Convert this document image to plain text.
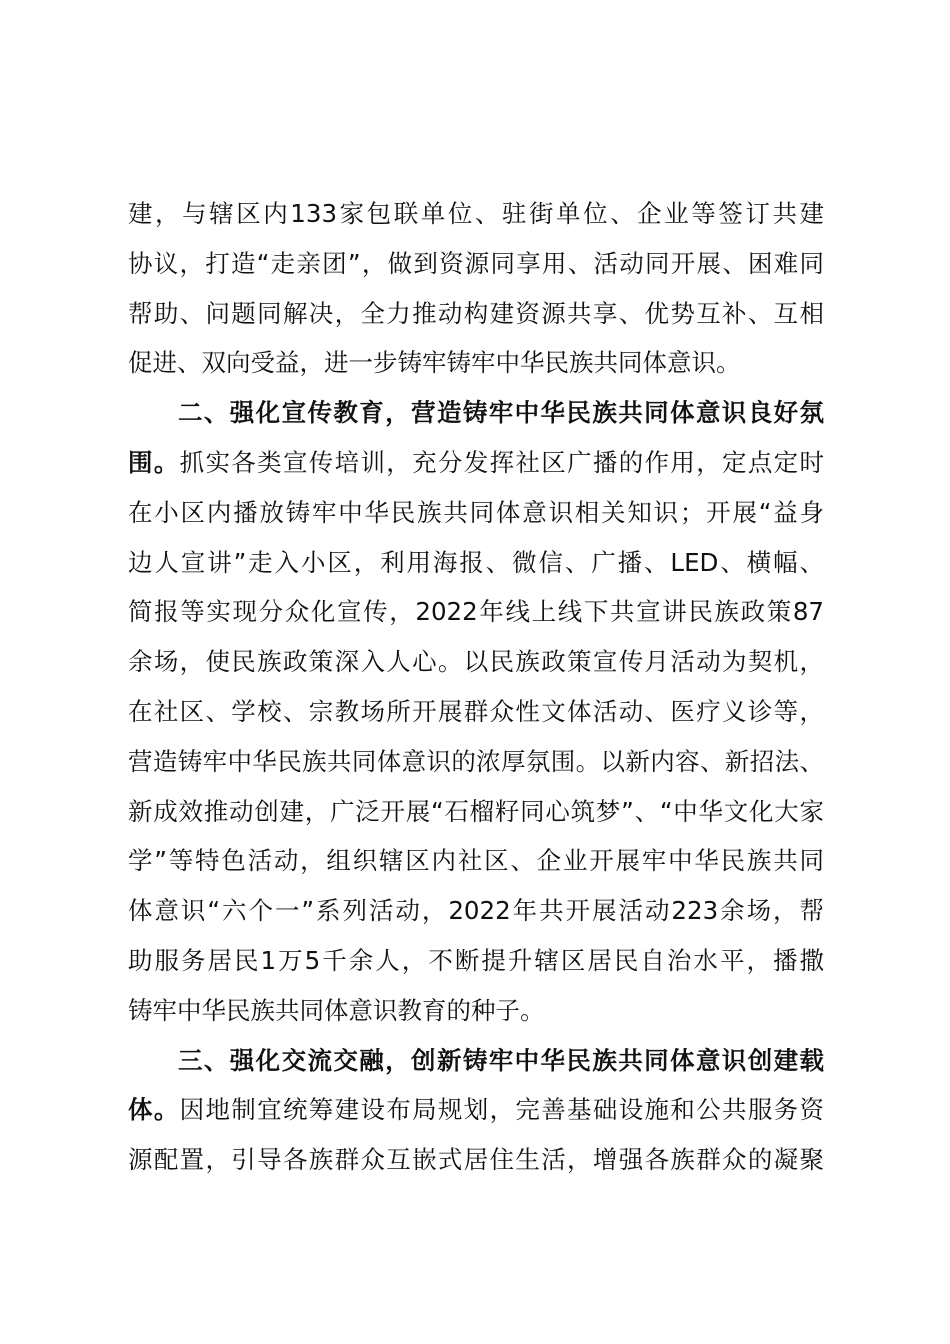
建，与辖区内133家包联单位、驻街单位、企业等签订共建
协议，打造“走亲团”，做到资源同享用、活动同开展、困难同
帮助、问题同解决，全力推动构建资源共享、优势互补、互相
促进、双向受益，进一步铸牢铸牢中华民族共同体意识。
二、强化宣传教育，营造铸牢中华民族共同体意识良好氛
围。抓实各类宣传培训，充分发挥社区广播的作用，定点定时
在小区内播放铸牢中华民族共同体意识相关知识；开展“益身
边人宣讲”走入小区，利用海报、微信、广播、LED、横幅、
简报等实现分众化宣传，2022年线上线下共宣讲民族政策87
余场，使民族政策深入人心。以民族政策宣传月活动为契机，
在社区、学校、宗教场所开展群众性文体活动、医疗义诊等，
营造铸牢中华民族共同体意识的浓厚氛围。以新内容、新招法、
新成效推动创建，广泛开展“石榴籽同心筑梦”、“中华文化大家
学”等特色活动，组织辖区内社区、企业开展牢中华民族共同
体意识“六个一”系列活动，2022年共开展活动223余场，帮
助服务居民1万5千余人，不断提升辖区居民自治水平，播撒
铸牢中华民族共同体意识教育的种子。
三、强化交流交融，创新铸牢中华民族共同体意识创建载
体。因地制宜统筹建设布局规划，完善基础设施和公共服务资
源配置，引导各族群众互嵌式居住生活，增强各族群众的凝聚
